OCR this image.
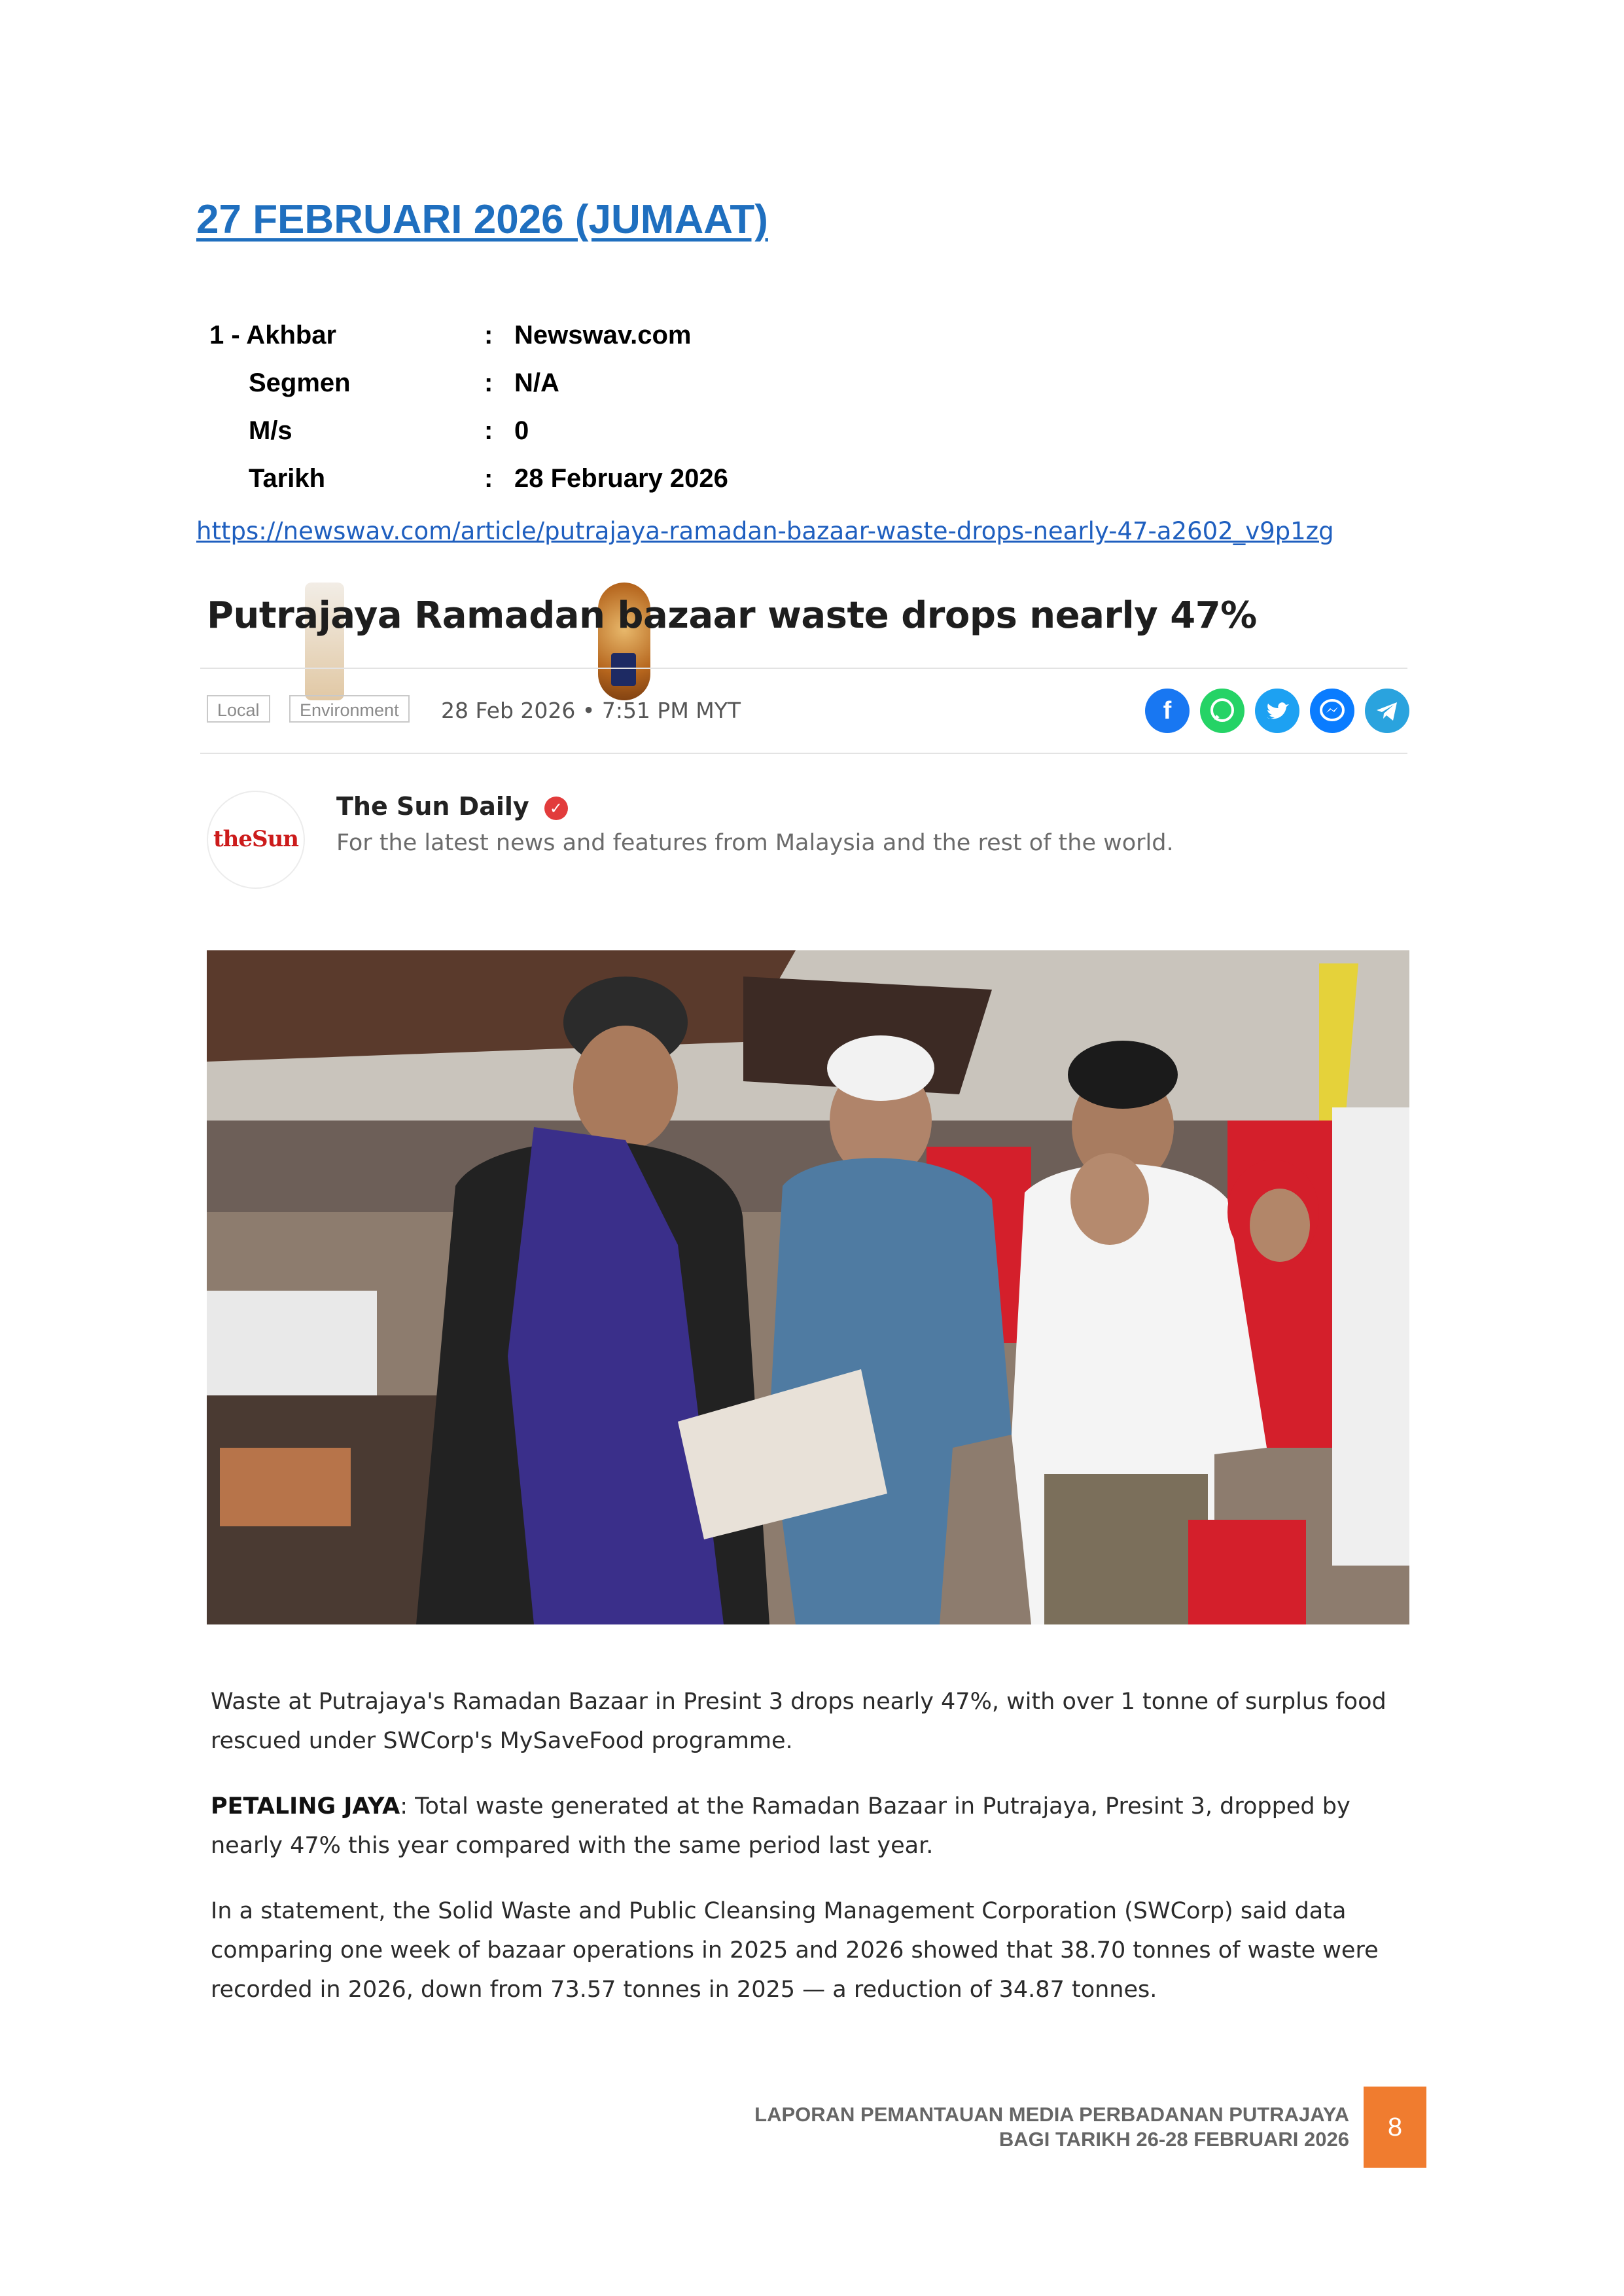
27 FEBRUARI 2026 (JUMAAT)
1 - Akhbar	: Newswav.com
Segmen	: N/A
M/s	: 0
Tarikh	: 28 February 2026
https://newswav.com/article/putrajaya-ramadan-bazaar-waste-drops-nearly-47-a2602_v9p1zg
Putrajaya Ramadan bazaar waste drops nearly 47%
Local	Environment	28 Feb 2026 • 7:51 PM MYT	f
theSun
The Sun Daily ✓
For the latest news and features from Malaysia and the rest of the world.

Waste at Putrajaya's Ramadan Bazaar in Presint 3 drops nearly 47%, with over 1 tonne of surplus food rescued under SWCorp's MySaveFood programme.

PETALING JAYA: Total waste generated at the Ramadan Bazaar in Putrajaya, Presint 3, dropped by nearly 47% this year compared with the same period last year.

In a statement, the Solid Waste and Public Cleansing Management Corporation (SWCorp) said data comparing one week of bazaar operations in 2025 and 2026 showed that 38.70 tonnes of waste were recorded in 2026, down from 73.57 tonnes in 2025 — a reduction of 34.87 tonnes.

LAPORAN PEMANTAUAN MEDIA PERBADANAN PUTRAJAYA
BAGI TARIKH 26-28 FEBRUARI 2026	8
